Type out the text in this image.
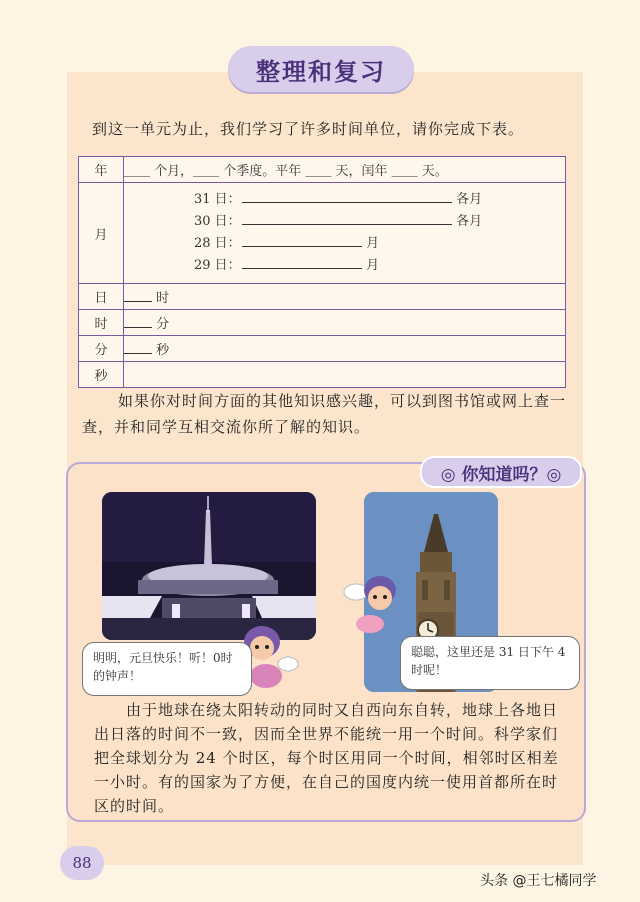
整理和复习
到这一单元为止，我们学习了许多时间单位，请你完成下表。
年	＿＿ 个月，＿＿ 个季度。平年 ＿＿ 天，闰年 ＿＿ 天。
月	31 日： 各月
30 日： 各月
28 日： 月
29 日： 月

日	时
时	分
分	秒
秒	
如果你对时间方面的其他知识感兴趣，可以到图书馆或网上查一查，并和同学互相交流你所了解的知识。
◎ 你知道吗？◎
明明，元旦快乐！听！0时的钟声！
聪聪，这里还是 31 日下午 4 时呢！
由于地球在绕太阳转动的同时又自西向东自转，地球上各地日出日落的时间不一致，因而全世界不能统一用一个时间。科学家们把全球划分为 24 个时区，每个时区用同一个时间，相邻时区相差一小时。有的国家为了方便，在自己的国度内统一使用首都所在时区的时间。
88
头条 @王七橘同学
